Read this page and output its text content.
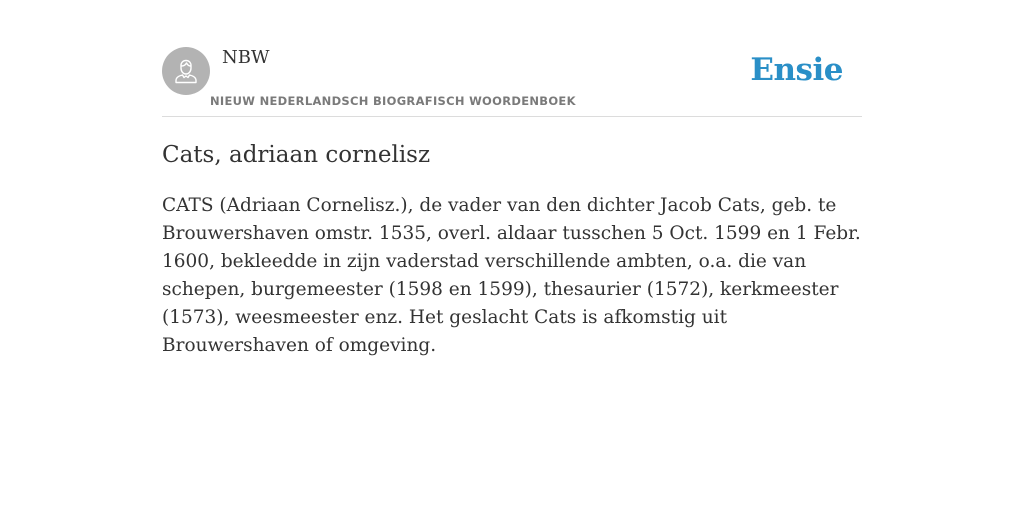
NBW
NIEUW NEDERLANDSCH BIOGRAFISCH WOORDENBOEK
Ensie
Cats, adriaan cornelisz

CATS (Adriaan Cornelisz.), de vader van den dichter Jacob Cats, geb. te Brouwershaven omstr. 1535, overl. aldaar tusschen 5 Oct. 1599 en 1 Febr. 1600, bekleedde in zijn vaderstad verschillende ambten, o.a. die van schepen, burgemeester (1598 en 1599), thesaurier (1572), kerkmeester (1573), weesmeester enz. Het geslacht Cats is afkomstig uit Brouwershaven of omgeving.
